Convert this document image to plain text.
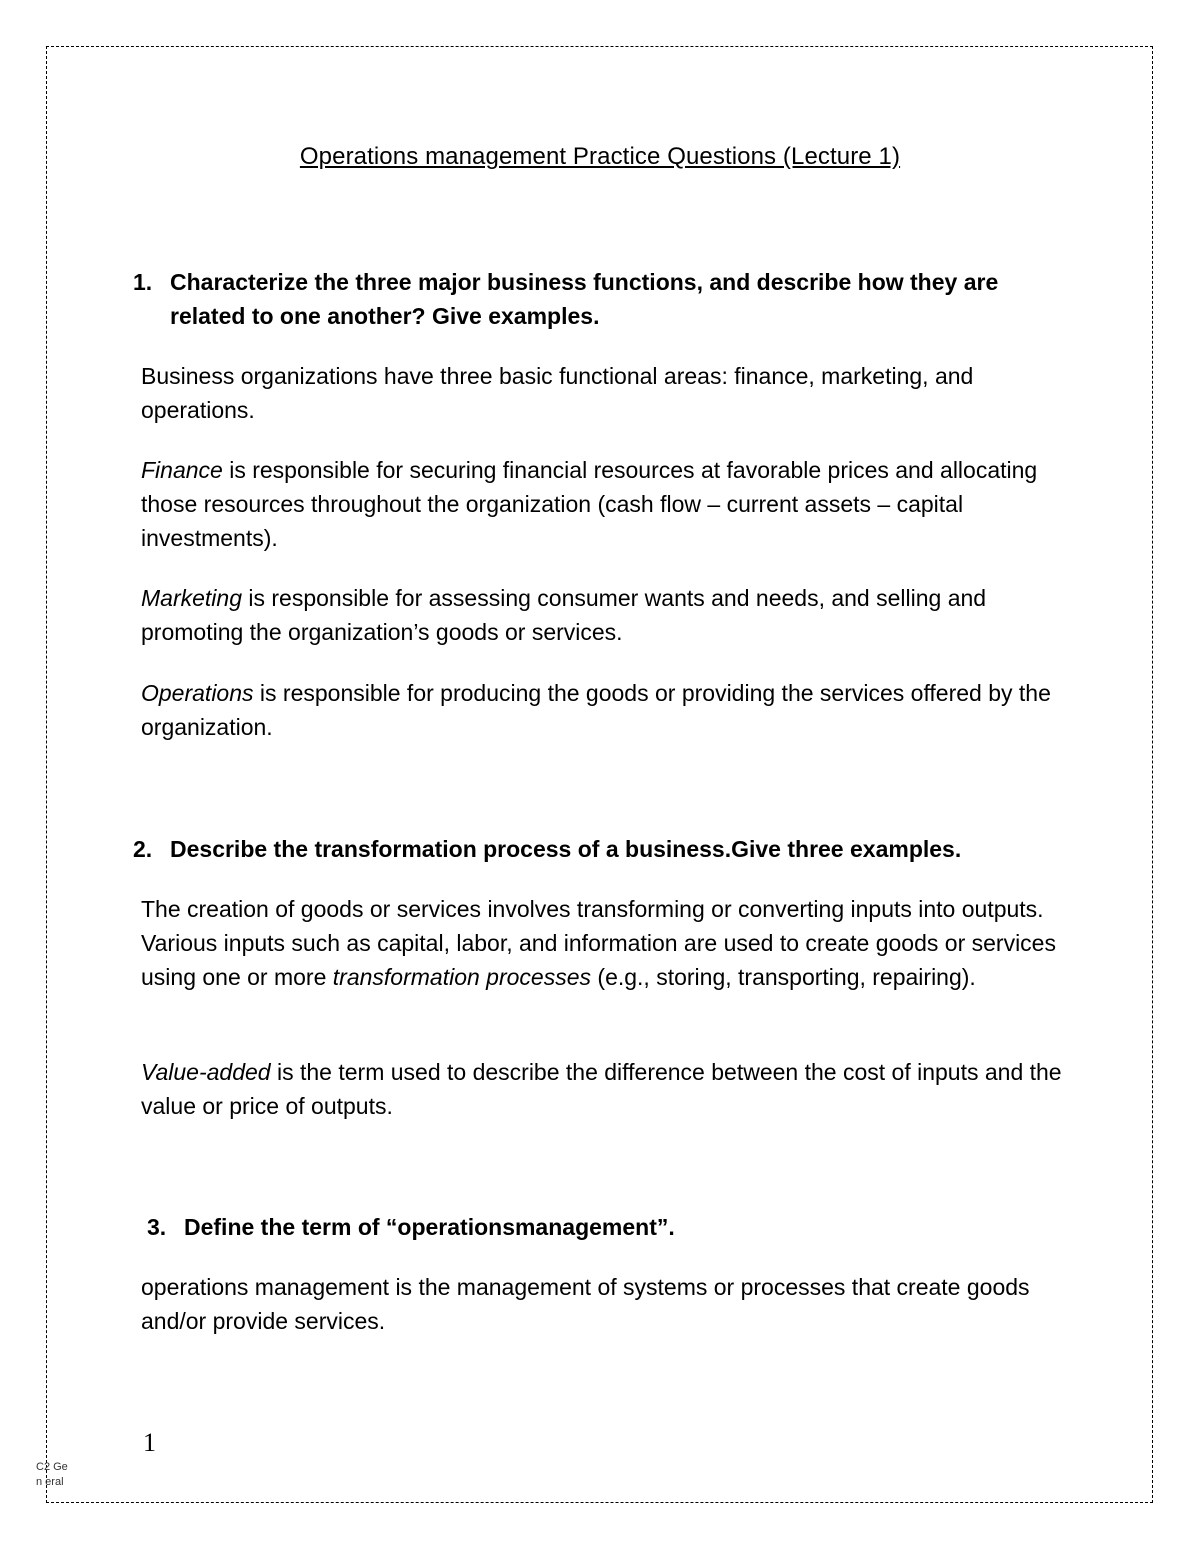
Operations management Practice Questions (Lecture 1)
1. Characterize the three major business functions, and describe how they are related to one another? Give examples.
Business organizations have three basic functional areas: finance, marketing, and operations.
Finance is responsible for securing financial resources at favorable prices and allocating those resources throughout the organization (cash flow – current assets – capital investments).
Marketing is responsible for assessing consumer wants and needs, and selling and promoting the organization’s goods or services.
Operations is responsible for producing the goods or providing the services offered by the organization.
2. Describe the transformation process of a business.Give three examples.
The creation of goods or services involves transforming or converting inputs into outputs. Various inputs such as capital, labor, and information are used to create goods or services using one or more transformation processes (e.g., storing, transporting, repairing).
Value-added is the term used to describe the difference between the cost of inputs and the value or price of outputs.
3. Define the term of “operationsmanagement”.
operations management is the management of systems or processes that create goods and/or provide services.
1
C2 Gen eral
